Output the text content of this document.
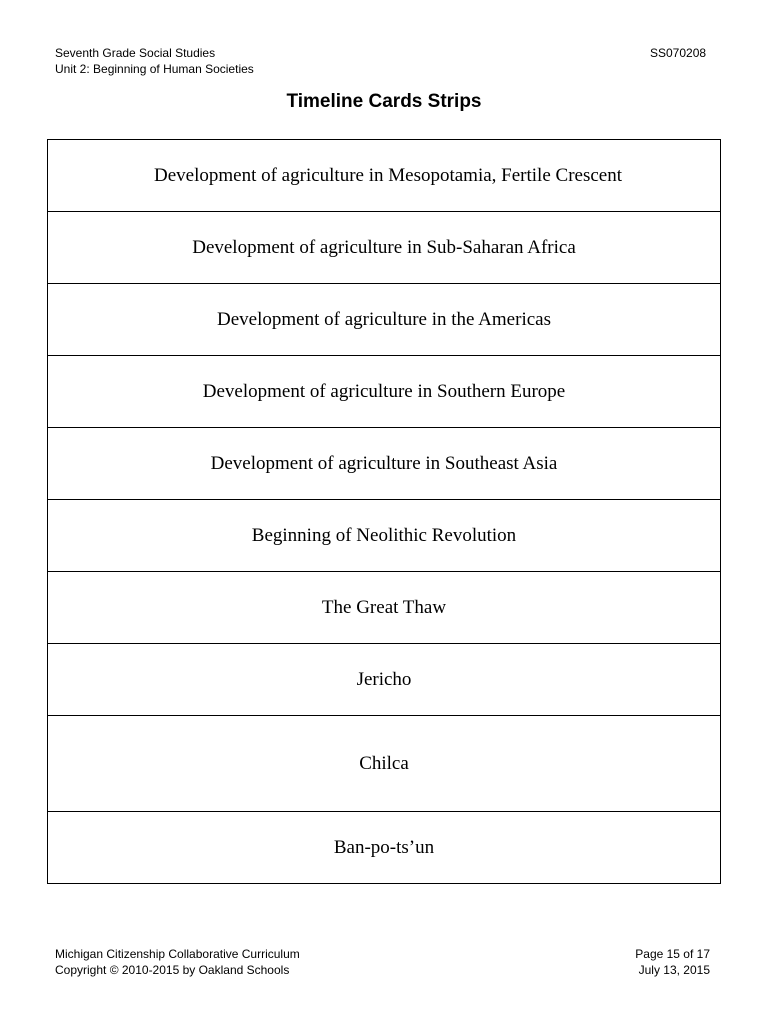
Seventh Grade Social Studies
Unit 2: Beginning of Human Societies
SS070208
Timeline Cards Strips
Development of agriculture in Mesopotamia, Fertile Crescent
Development of agriculture in Sub-Saharan Africa
Development of agriculture in the Americas
Development of agriculture in Southern Europe
Development of agriculture in Southeast Asia
Beginning of Neolithic Revolution
The Great Thaw
Jericho
Chilca
Ban-po-ts’un
Michigan Citizenship Collaborative Curriculum
Copyright © 2010-2015 by Oakland Schools
Page 15 of 17
July 13, 2015
